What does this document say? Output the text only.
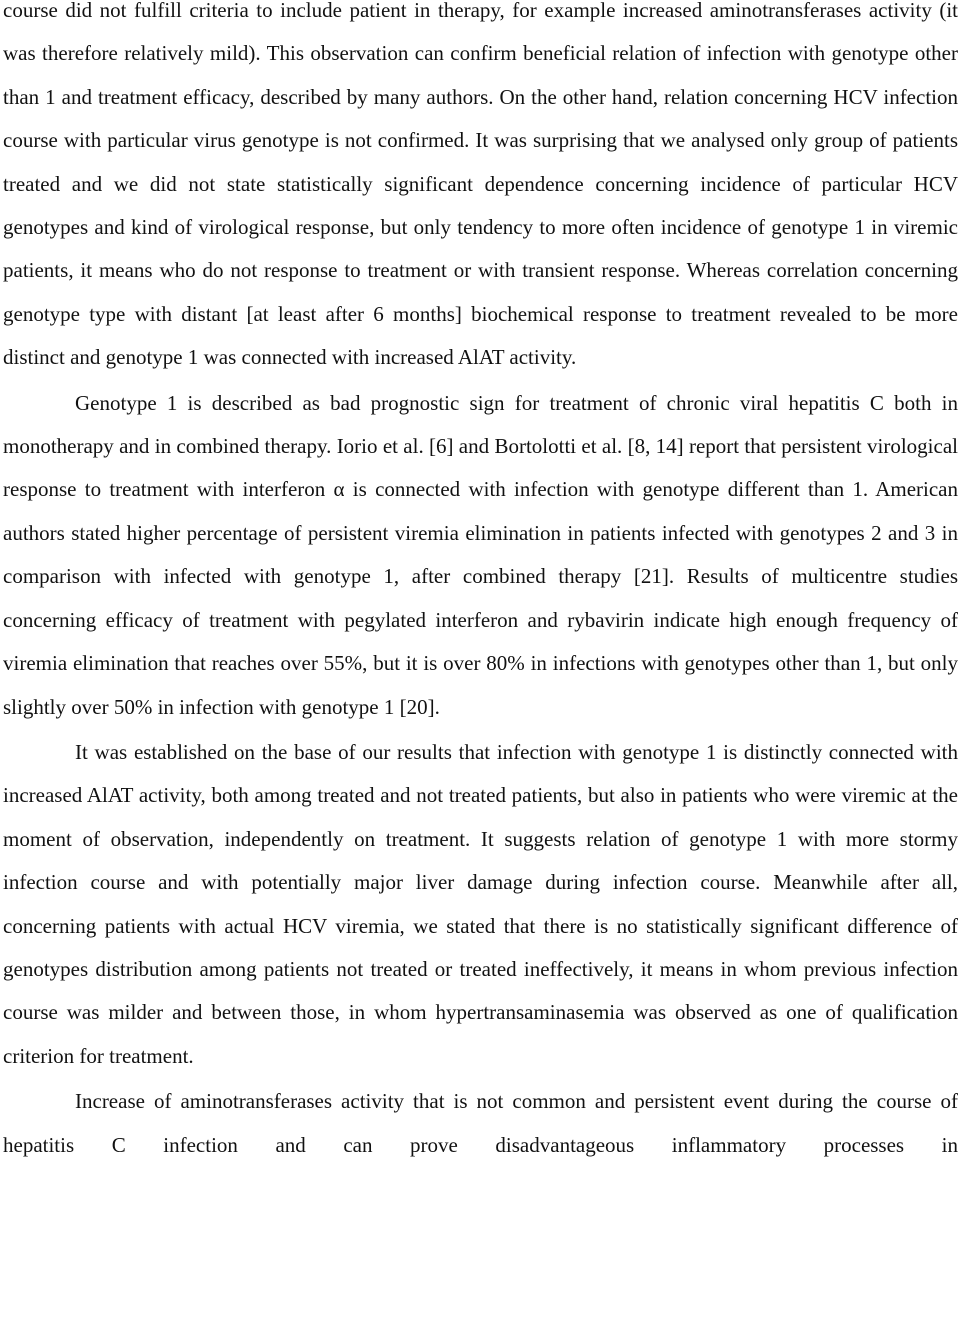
course did not fulfill criteria to include patient in therapy, for example increased aminotransferases activity (it was therefore relatively mild). This observation can confirm beneficial relation of infection with genotype other than 1 and treatment efficacy, described by many authors. On the other hand, relation concerning HCV infection course with particular virus genotype is not confirmed. It was surprising that we analysed only group of patients treated and we did not state statistically significant dependence concerning incidence of particular HCV genotypes and kind of virological response, but only tendency to more often incidence of genotype 1 in viremic patients, it means who do not response to treatment or with transient response. Whereas correlation concerning genotype type with distant [at least after 6 months] biochemical response to treatment revealed to be more distinct and genotype 1 was connected with increased AlAT activity.

Genotype 1 is described as bad prognostic sign for treatment of chronic viral hepatitis C both in monotherapy and in combined therapy. Iorio et al. [6] and Bortolotti et al. [8, 14] report that persistent virological response to treatment with interferon α is connected with infection with genotype different than 1. American authors stated higher percentage of persistent viremia elimination in patients infected with genotypes 2 and 3 in comparison with infected with genotype 1, after combined therapy [21]. Results of multicentre studies concerning efficacy of treatment with pegylated interferon and rybavirin indicate high enough frequency of viremia elimination that reaches over 55%, but it is over 80% in infections with genotypes other than 1, but only slightly over 50% in infection with genotype 1 [20].

It was established on the base of our results that infection with genotype 1 is distinctly connected with increased AlAT activity, both among treated and not treated patients, but also in patients who were viremic at the moment of observation, independently on treatment. It suggests relation of genotype 1 with more stormy infection course and with potentially major liver damage during infection course. Meanwhile after all, concerning patients with actual HCV viremia, we stated that there is no statistically significant difference of genotypes distribution among patients not treated or treated ineffectively, it means in whom previous infection course was milder and between those, in whom hypertransaminasemia was observed as one of qualification criterion for treatment.

Increase of aminotransferases activity that is not common and persistent event during the course of hepatitis C infection and can prove disadvantageous inflammatory processes in
